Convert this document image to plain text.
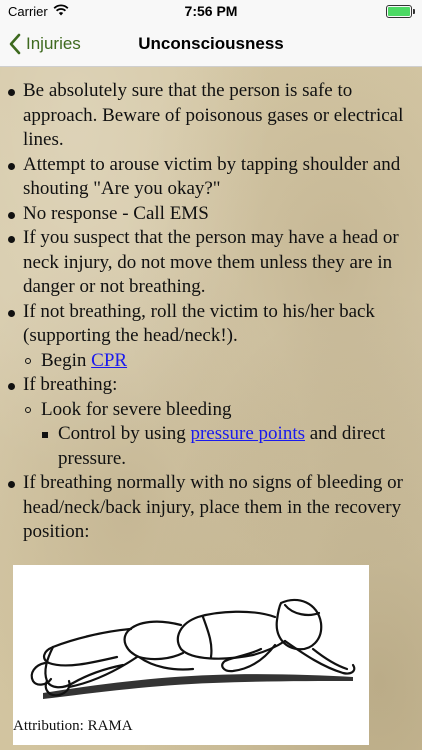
Carrier	7:56 PM
Injuries	Unconsciousness
Be absolutely sure that the person is safe to approach. Beware of poisonous gases or electrical lines.
Attempt to arouse victim by tapping shoulder and shouting "Are you okay?"
No response - Call EMS
If you suspect that the person may have a head or neck injury, do not move them unless they are in danger or not breathing.
If not breathing, roll the victim to his/her back (supporting the head/neck!).
Begin CPR
If breathing:
Look for severe bleeding
Control by using pressure points and direct pressure.
If breathing normally with no signs of bleeding or head/neck/back injury, place them in the recovery position:
Attribution: RAMA
